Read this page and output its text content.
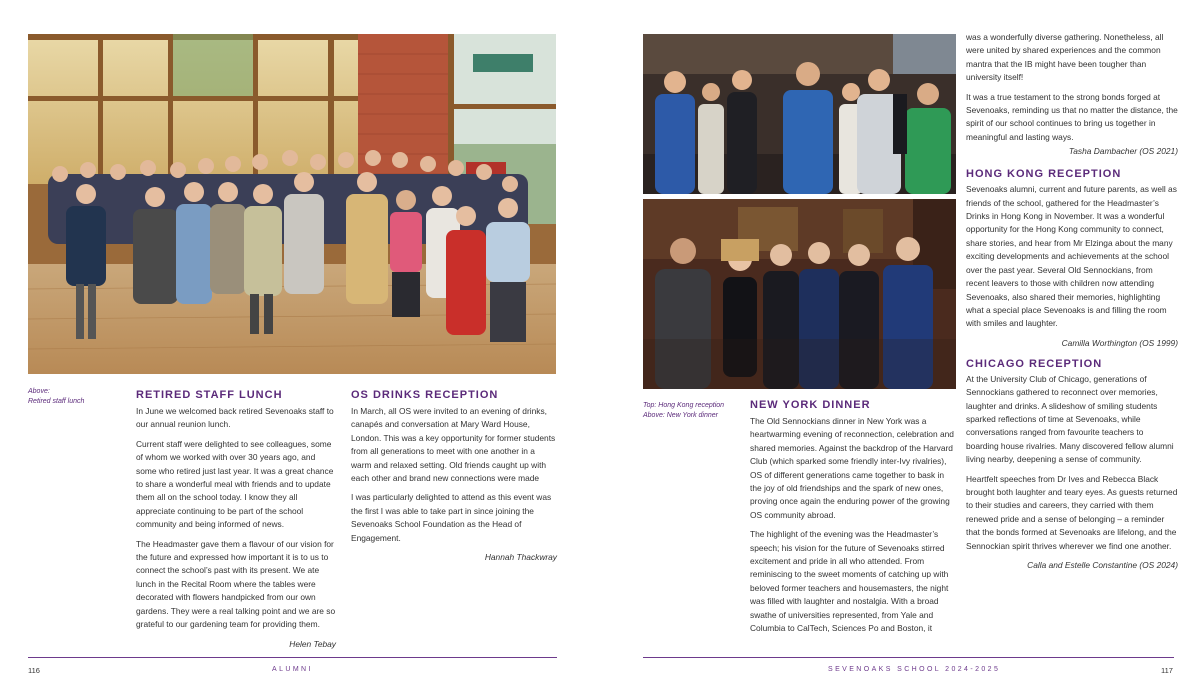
Above:
Retired staff lunch
RETIRED STAFF LUNCH

In June we welcomed back retired Sevenoaks staff to our annual reunion lunch.

Current staff were delighted to see colleagues, some of whom we worked with over 30 years ago, and some who retired just last year. It was a great chance to share a wonderful meal with friends and to update them all on the school today. I know they all appreciate continuing to be part of the school community and being informed of news.

The Headmaster gave them a flavour of our vision for the future and expressed how important it is to us to connect the school’s past with its present. We ate lunch in the Recital Room where the tables were decorated with flowers handpicked from our own gardens. They were a real talking point and we are so grateful to our gardening team for providing them.

Helen Tebay
OS DRINKS RECEPTION

In March, all OS were invited to an evening of drinks, canapés and conversation at Mary Ward House, London. This was a key opportunity for former students from all generations to meet with one another in a warm and relaxed setting. Old friends caught up with each other and brand new connections were made

I was particularly delighted to attend as this event was the first I was able to take part in since joining the Sevenoaks School Foundation as the Head of Engagement.

Hannah Thackwray
116	ALUMNI
Top: Hong Kong reception
Above: New York dinner
NEW YORK DINNER

The Old Sennockians dinner in New York was a heartwarming evening of reconnection, celebration and shared memories. Against the backdrop of the Harvard Club (which sparked some friendly inter-Ivy rivalries), OS of different generations came together to bask in the joy of old friendships and the spark of new ones, proving once again the enduring power of the growing OS community abroad.

The highlight of the evening was the Headmaster’s speech; his vision for the future of Sevenoaks stirred excitement and pride in all who attended. From reminiscing to the sweet moments of catching up with beloved former teachers and housemasters, the night was filled with laughter and nostalgia. With a broad swathe of universities represented, from Yale and Columbia to CalTech, Sciences Po and Boston, it

was a wonderfully diverse gathering. Nonetheless, all were united by shared experiences and the common mantra that the IB might have been tougher than university itself!

It was a true testament to the strong bonds forged at Sevenoaks, reminding us that no matter the distance, the spirit of our school continues to bring us together in meaningful and lasting ways.

Tasha Dambacher (OS 2021)
HONG KONG RECEPTION

Sevenoaks alumni, current and future parents, as well as friends of the school, gathered for the Headmaster’s Drinks in Hong Kong in November. It was a wonderful opportunity for the Hong Kong community to connect, share stories, and hear from Mr Elzinga about the many exciting developments and achievements at the school over the past year. Several Old Sennockians, from recent leavers to those with children now attending Sevenoaks, also shared their memories, highlighting what a special place Sevenoaks is and filling the room with smiles and laughter.

Camilla Worthington (OS 1999)
CHICAGO RECEPTION

At the University Club of Chicago, generations of Sennockians gathered to reconnect over memories, laughter and drinks. A slideshow of smiling students sparked reflections of time at Sevenoaks, while conversations ranged from favourite teachers to boarding house rivalries. Many discovered fellow alumni living nearby, deepening a sense of community.

Heartfelt speeches from Dr Ives and Rebecca Black brought both laughter and teary eyes. As guests returned to their studies and careers, they carried with them renewed pride and a sense of belonging – a reminder that the bonds formed at Sevenoaks are lifelong, and the Sennockian spirit thrives wherever we find one another.

Calla and Estelle Constantine (OS 2024)
SEVENOAKS SCHOOL 2024-2025	117
